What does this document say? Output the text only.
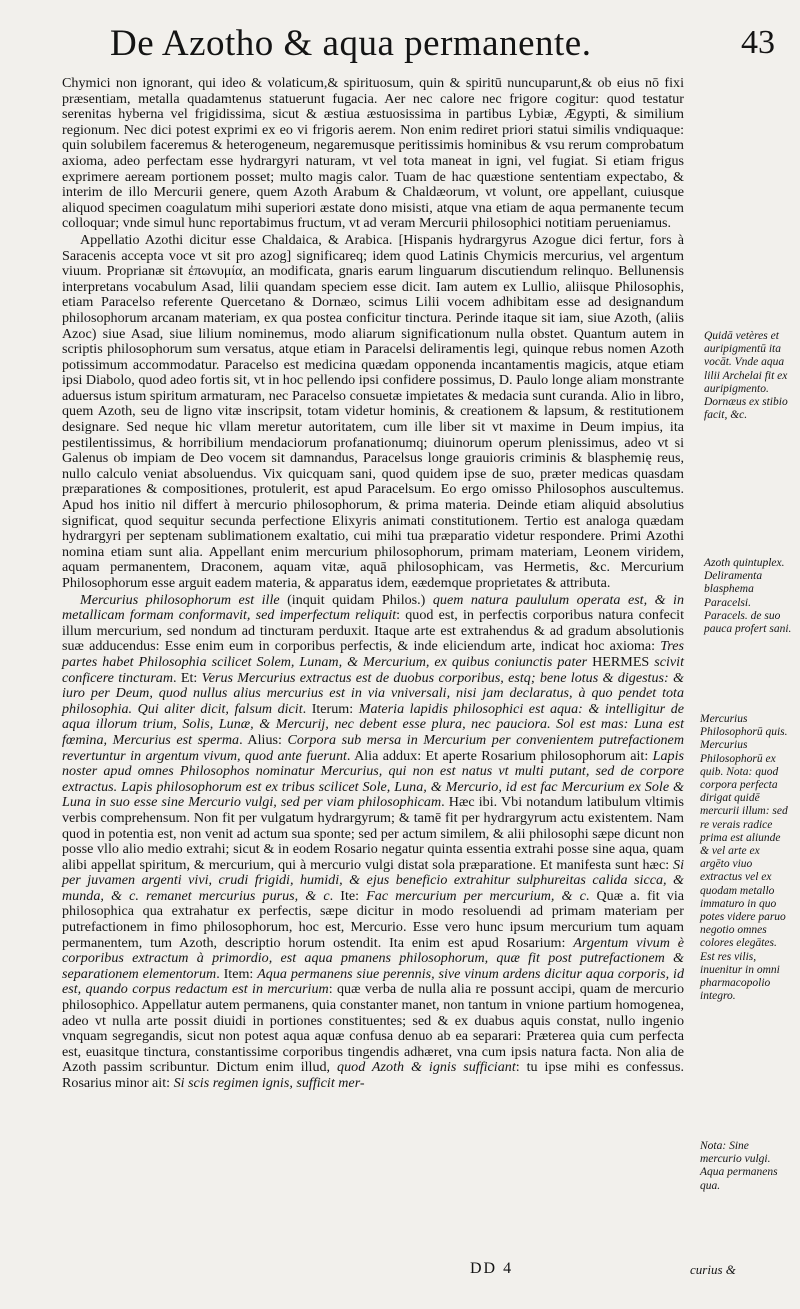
De Azotho & aqua permanente.	43

Chymici non ignorant, qui ideo & volaticum,& spirituosum, quin & spiritū nuncuparunt,& ob eius nō fixi præsentiam, metalla quadamtenus statuerunt fugacia. Aer nec calore nec frigore cogitur: quod testatur serenitas hyberna vel frigidissima, sicut & æstiua æstuosissima in partibus Lybiæ, Ægypti, & similium regionum. Nec dici potest exprimi ex eo vi frigoris aerem. Non enim rediret priori statui similis vndiquaque: quin solubilem faceremus & heterogeneum, negaremusque peritissimis hominibus & vsu rerum comprobatum axioma, adeo perfectam esse hydrargyri naturam, vt vel tota maneat in igni, vel fugiat. Si etiam frigus exprimere aeream portionem posset; multo magis calor. Tuam de hac quæstione sententiam expectabo, & interim de illo Mercurii genere, quem Azoth Arabum & Chaldæorum, vt volunt, ore appellant, cuiusque aliquod specimen coagulatum mihi superiori æstate dono misisti, atque vna etiam de aqua permanente tecum colloquar; vnde simul hunc reportabimus fructum, vt ad veram Mercurii philosophici notitiam perueniamus.

Appellatio Azothi dicitur esse Chaldaica, & Arabica. [Hispanis hydrargyrus Azogue dici fertur, fors à Saracenis accepta voce vt sit pro azog] significareq; idem quod Latinis Chymicis mercurius, vel argentum viuum. Proprianæ sit ἐπωνυμία, an modificata, gnaris earum linguarum discutiendum relinquo. Bellunensis interpretans vocabulum Asad, lilii quandam speciem esse dicit. Iam autem ex Lullio, aliisque Philosophis, etiam Paracelso referente Quercetano & Dornæo, scimus Lilii vocem adhibitam esse ad designandum philosophorum arcanam materiam, ex qua postea conficitur tinctura. Perinde itaque sit iam, siue Azoth, (aliis Azoc) siue Asad, siue lilium nominemus, modo aliarum significationum nulla obstet. Quantum autem in scriptis philosophorum sum versatus, atque etiam in Paracelsi deliramentis legi, quinque rebus nomen Azoth potissimum accommodatur. Paracelso est medicina quædam opponenda incantamentis magicis, atque etiam ipsi Diabolo, quod adeo fortis sit, vt in hoc pellendo ipsi confidere possimus, D. Paulo longe aliam monstrante aduersus istum spiritum armaturam, nec Paracelso consuetæ impietates & medacia sunt curanda. Alio in libro, quem Azoth, seu de ligno vitæ inscripsit, totam videtur hominis, & creationem & lapsum, & restitutionem designare. Sed neque hic vllam meretur autoritatem, cum ille liber sit vt maxime in Deum impius, ita pestilentissimus, & horribilium mendaciorum profanationumq; diuinorum operum plenissimus, adeo vt si Galenus ob impiam de Deo vocem sit damnandus, Paracelsus longe grauioris criminis & blasphemię reus, nullo calculo veniat absoluendus. Vix quicquam sani, quod quidem ipse de suo, præter medicas quasdam præparationes & compositiones, protulerit, est apud Paracelsum. Eo ergo omisso Philosophos auscultemus. Apud hos initio nil differt à mercurio philosophorum, & prima materia. Deinde etiam aliquid absolutius significat, quod sequitur secunda perfectione Elixyris animati constitutionem. Tertio est analoga quædam hydrargyri per septenam sublimationem exaltatio, cui mihi tua præparatio videtur respondere. Primi Azothi nomina etiam sunt alia. Appellant enim mercurium philosophorum, primam materiam, Leonem viridem, aquam permanentem, Draconem, aquam vitæ, aquā philosophicam, vas Hermetis, &c. Mercurium Philosophorum esse arguit eadem materia, & apparatus idem, eædemque proprietates & attributa.

Mercurius philosophorum est ille (inquit quidam Philos.) quem natura paululum operata est, & in metallicam formam conformavit, sed imperfectum reliquit: quod est, in perfectis corporibus natura confecit illum mercurium, sed nondum ad tincturam perduxit. Itaque arte est extrahendus & ad gradum absolutionis suæ adducendus: Esse enim eum in corporibus perfectis, & inde eliciendum arte, indicat hoc axioma: Tres partes habet Philosophia scilicet Solem, Lunam, & Mercurium, ex quibus coniunctis pater HERMES scivit conficere tincturam. Et: Verus Mercurius extractus est de duobus corporibus, estq; bene lotus & digestus: & iuro per Deum, quod nullus alius mercurius est in via vniversali, nisi jam declaratus, à quo pendet tota philosophia. Qui aliter dicit, falsum dicit. Iterum: Materia lapidis philosophici est aqua: & intelligitur de aqua illorum trium, Solis, Lunæ, & Mercurij, nec debent esse plura, nec pauciora. Sol est mas: Luna est fœmina, Mercurius est sperma. Alius: Corpora sub mersa in Mercurium per convenientem putrefactionem revertuntur in argentum vivum, quod ante fuerunt. Alia addux: Et aperte Rosarium philosophorum ait: Lapis noster apud omnes Philosophos nominatur Mercurius, qui non est natus vt multi putant, sed de corpore extractus. Lapis philosophorum est ex tribus scilicet Sole, Luna, & Mercurio, id est fac Mercurium ex Sole & Luna in suo esse sine Mercurio vulgi, sed per viam philosophicam. Hæc ibi. Vbi notandum latibulum vltimis verbis comprehensum. Non fit per vulgatum hydrargyrum; & tamē fit per hydrargyrum actu existentem. Nam quod in potentia est, non venit ad actum sua sponte; sed per actum similem, & alii philosophi sæpe dicunt non posse vllo alio medio extrahi; sicut & in eodem Rosario negatur quinta essentia extrahi posse sine aqua, quam alibi appellat spiritum, & mercurium, qui à mercurio vulgi distat sola præparatione. Et manifesta sunt hæc: Si per juvamen argenti vivi, crudi frigidi, humidi, & ejus beneficio extrahitur sulphureitas calida sicca, & munda, & c. remanet mercurius purus, & c. Ite: Fac mercurium per mercurium, & c. Quæ a. fit via philosophica qua extrahatur ex perfectis, sæpe dicitur in modo resoluendi ad primam materiam per putrefactionem in fimo philosophorum, hoc est, Mercurio. Esse vero hunc ipsum mercurium tum aquam permanentem, tum Azoth, descriptio horum ostendit. Ita enim est apud Rosarium: Argentum vivum è corporibus extractum à primordio, est aqua pmanens philosophorum, quæ fit post putrefactionem & separationem elementorum. Item: Aqua permanens siue perennis, sive vinum ardens dicitur aqua corporis, id est, quando corpus redactum est in mercurium: quæ verba de nulla alia re possunt accipi, quam de mercurio philosophico. Appellatur autem permanens, quia constanter manet, non tantum in vnione partium homogenea, adeo vt nulla arte possit diuidi in portiones constituentes; sed & ex duabus aquis constat, nullo ingenio vnquam segregandis, sicut non potest aqua aquæ confusa denuo ab ea separari: Præterea quia cum perfecta est, euasitque tinctura, constantissime corporibus tingendis adhæret, vna cum ipsis natura facta. Non alia de Azoth passim scribuntur. Dictum enim illud, quod Azoth & ignis sufficiant: tu ipse mihi es confessus. Rosarius minor ait: Si scis regimen ignis, sufficit mer-

Quidā vetères et auripigmentū ita vocāt. Vnde aqua lilii Archelai fit ex auripigmento. Dornæus ex stibio facit, &c.
Azoth quintuplex. Deliramenta blasphema Paracelsi. Paracels. de suo pauca profert sani.
Mercurius Philosophorū quis. Mercurius Philosophorū ex quib. Nota: quod corpora perfecta dirigat quidē mercurii illum: sed re verais radice prima est aliunde & vel arte ex argēto viuo extractus vel ex quodam metallo immaturo in quo potes videre paruo negotio omnes colores elegātes. Est res vilis, inuenitur in omni pharmacopolio integro.
Nota: Sine mercurio vulgi. Aqua permanens qua.
DD 4	curius &
